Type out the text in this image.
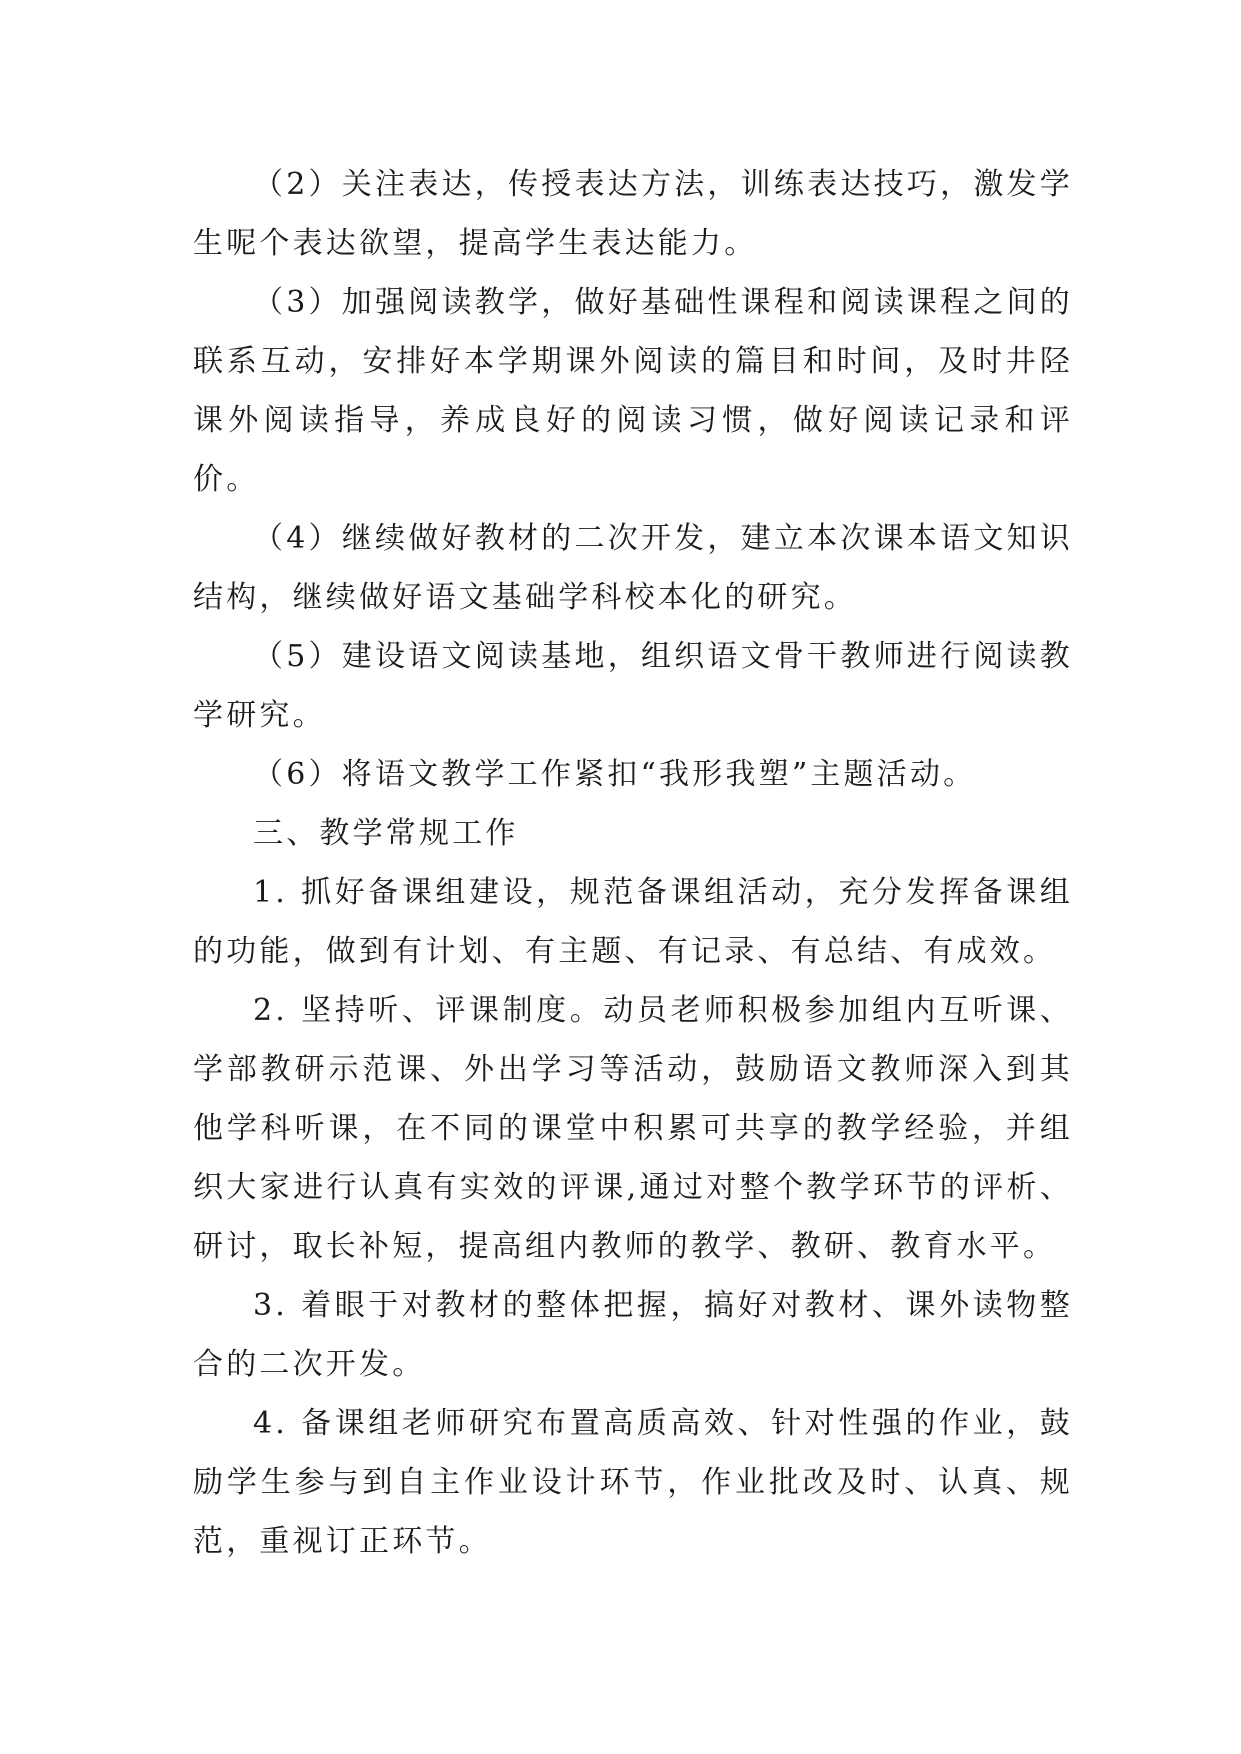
（2）关注表达，传授表达方法，训练表达技巧，激发学生呢个表达欲望，提高学生表达能力。

（3）加强阅读教学，做好基础性课程和阅读课程之间的联系互动，安排好本学期课外阅读的篇目和时间，及时井陉课外阅读指导，养成良好的阅读习惯，做好阅读记录和评价。

（4）继续做好教材的二次开发，建立本次课本语文知识结构，继续做好语文基础学科校本化的研究。

（5）建设语文阅读基地，组织语文骨干教师进行阅读教学研究。

（6）将语文教学工作紧扣“我形我塑”主题活动。

三、教学常规工作

1. 抓好备课组建设，规范备课组活动，充分发挥备课组的功能，做到有计划、有主题、有记录、有总结、有成效。

2. 坚持听、评课制度。动员老师积极参加组内互听课、学部教研示范课、外出学习等活动，鼓励语文教师深入到其他学科听课，在不同的课堂中积累可共享的教学经验，并组织大家进行认真有实效的评课,通过对整个教学环节的评析、研讨，取长补短，提高组内教师的教学、教研、教育水平。

3. 着眼于对教材的整体把握，搞好对教材、课外读物整合的二次开发。

4. 备课组老师研究布置高质高效、针对性强的作业，鼓励学生参与到自主作业设计环节，作业批改及时、认真、规范，重视订正环节。
